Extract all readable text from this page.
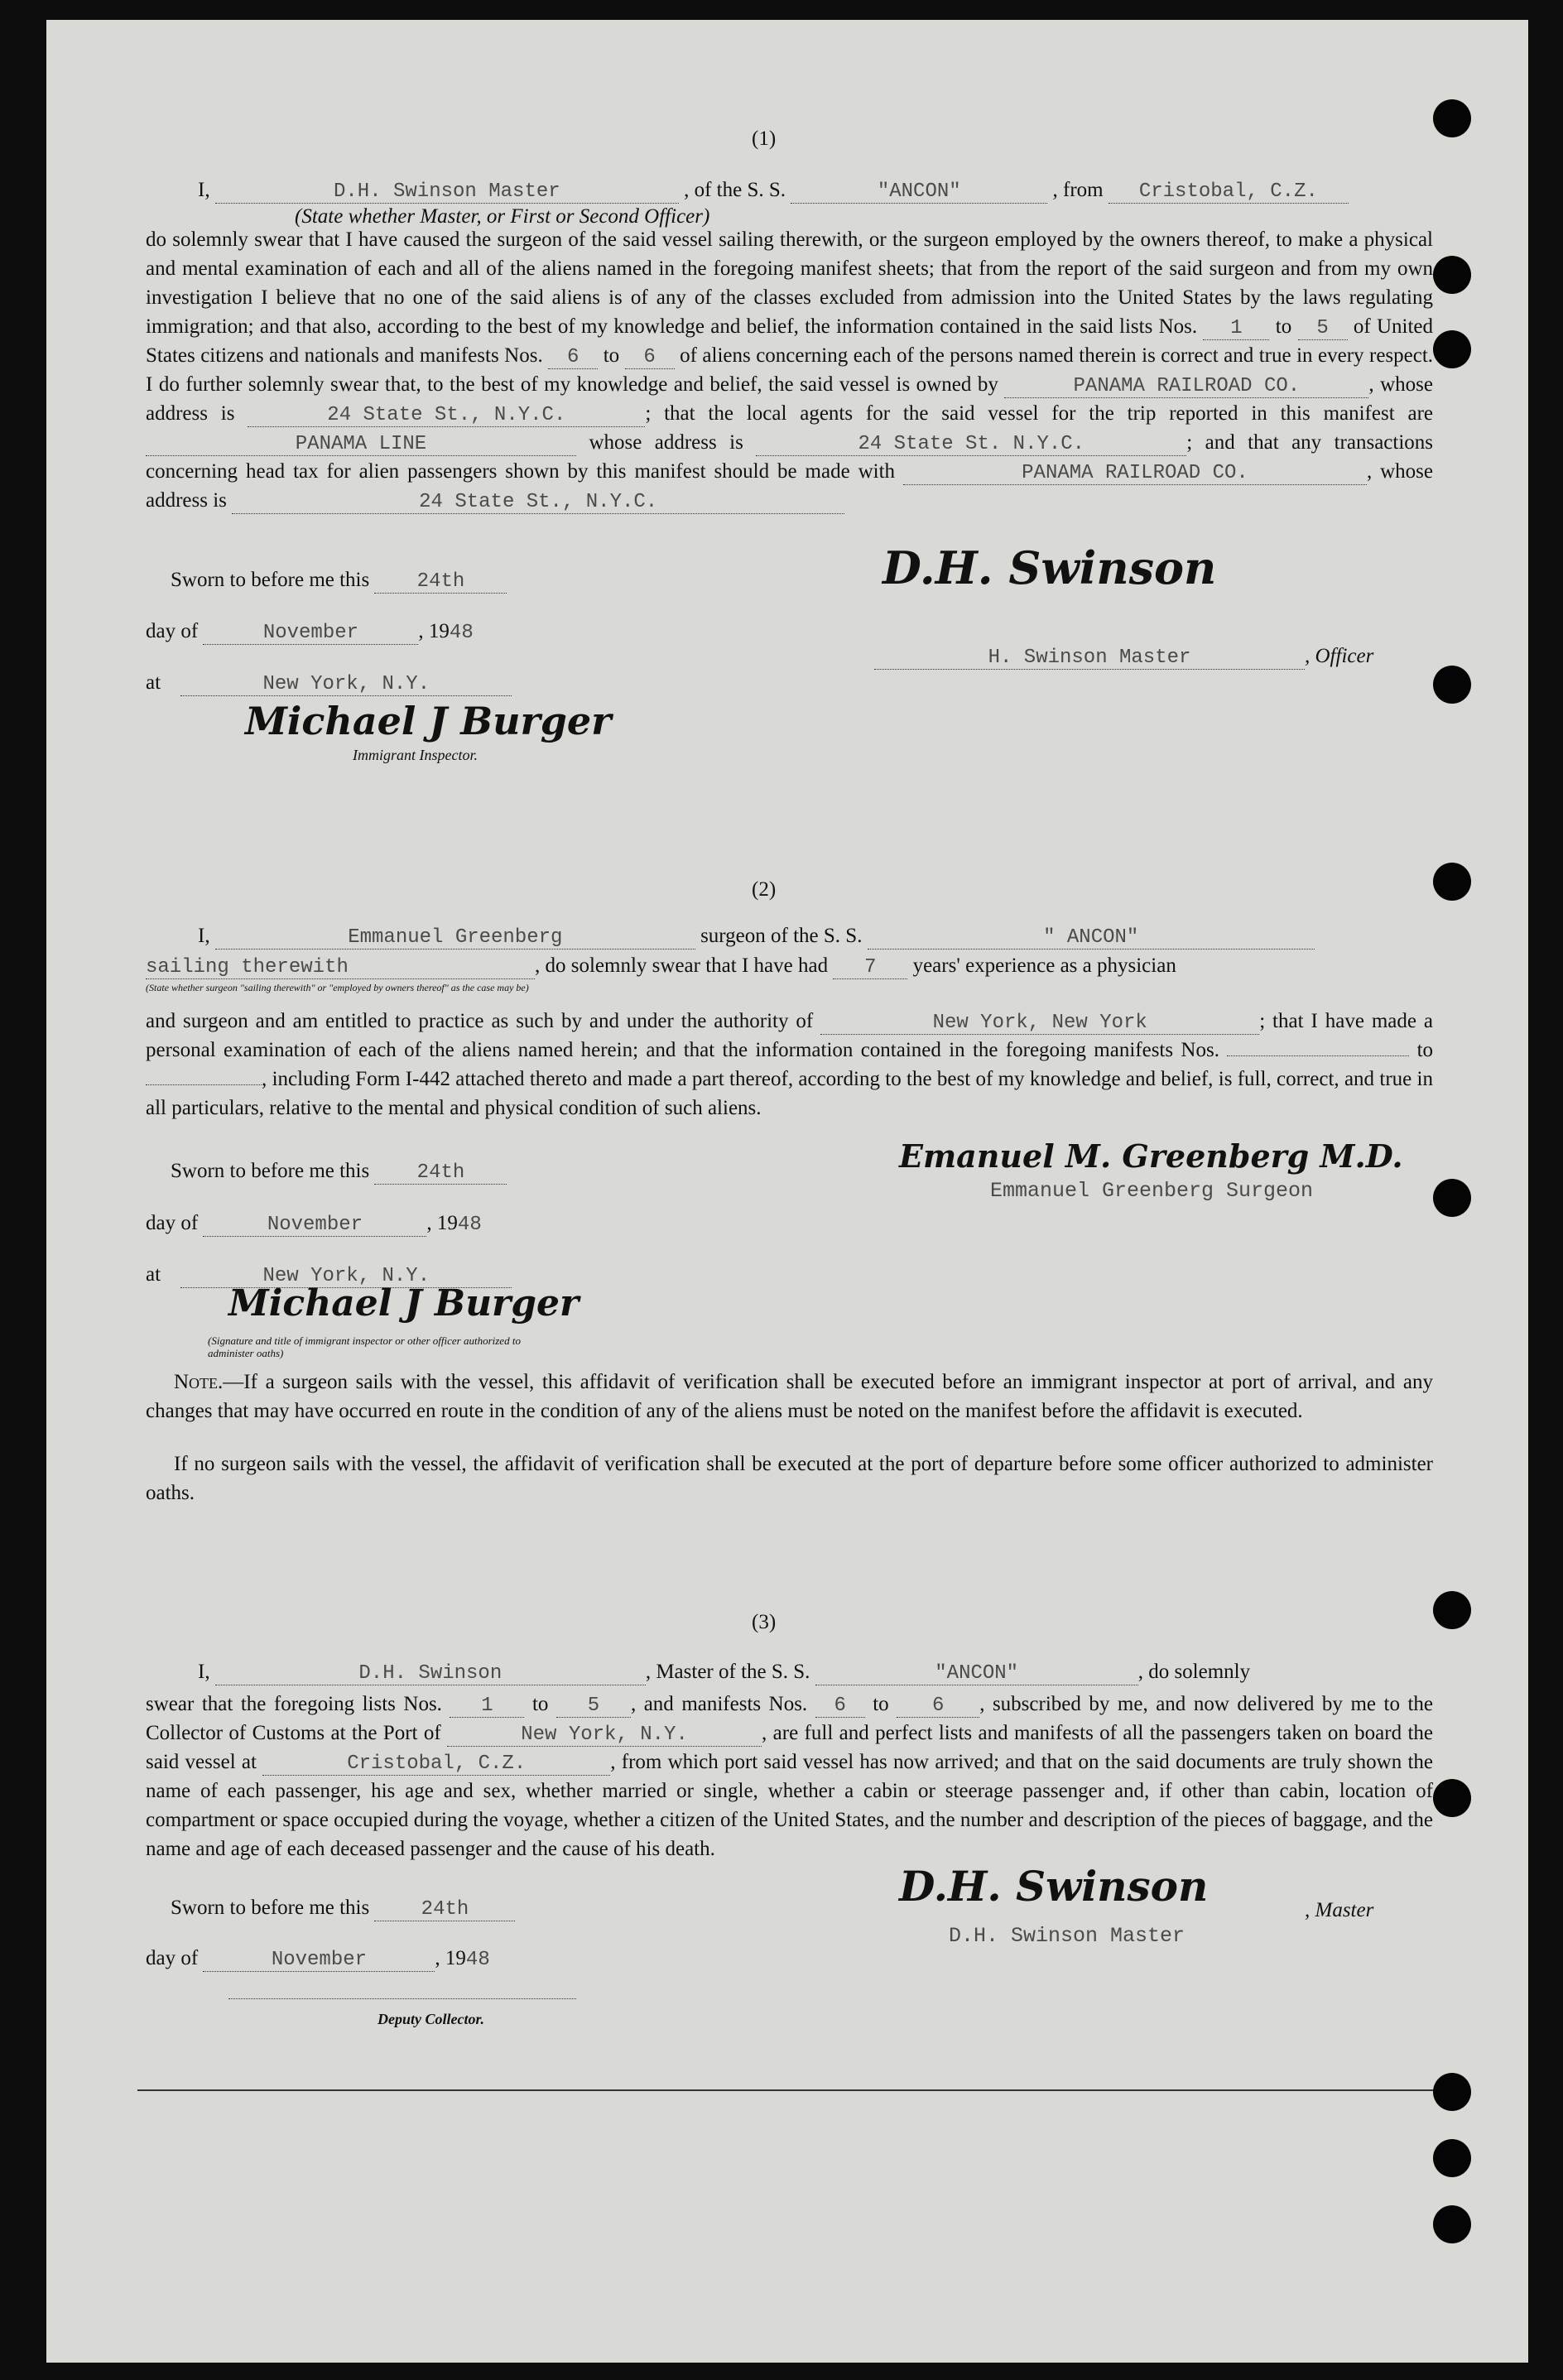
(1)
I,	D.H. Swinson Master	, of the S. S.	"ANCON"	, from Cristobal, C.Z.
(State whether Master, or First or Second Officer)
do solemnly swear that I have caused the surgeon of the said vessel sailing therewith, or the surgeon employed by the owners thereof, to make a physical and mental examination of each and all of the aliens named in the foregoing manifest sheets; that from the report of the said surgeon and from my own investigation I believe that no one of the said aliens is of any of the classes excluded from admission into the United States by the laws regulating immigration; and that also, according to the best of my knowledge and belief, the information contained in the said lists Nos. 1 to 5 of United States citizens and nationals and manifests Nos. 6 to 6 of aliens concerning each of the persons named therein is correct and true in every respect. I do further solemnly swear that, to the best of my knowledge and belief, the said vessel is owned by	PANAMA RAILROAD CO.	, whose address is	24 State St., N.Y.C.	; that the local agents for the said vessel for the trip reported in this manifest are PANAMA LINE	whose address is	24 State St. N.Y.C.	; and that any transactions concerning head tax for alien passengers shown by this manifest should be made with	PANAMA RAILROAD CO.	, whose address is	24 State St., N.Y.C.
Sworn to before me this 24th
day of	November	, 1948
at	New York, N.Y.
Michael J Burger
Immigrant Inspector.
D.H. Swinson
H. Swinson Master	, Officer
(2)
I,	Emmanuel Greenberg	surgeon of the S. S.	" ANCON"
sailing therewith	, do solemnly swear that I have had 7 years' experience as a physician
(State whether surgeon "sailing therewith" or "employed by owners thereof" as the case may be)
and surgeon and am entitled to practice as such by and under the authority of	New York, New York	; that I have made a personal examination of each of the aliens named herein; and that the information contained in the foregoing manifests Nos.	to , including Form I-442 attached thereto and made a part thereof, according to the best of my knowledge and belief, is full, correct, and true in all particulars, relative to the mental and physical condition of such aliens.
Sworn to before me this 24th
day of	November	, 1948
at	New York, N.Y.
Michael J Burger
(Signature and title of immigrant inspector or other officer authorized to administer oaths)
Emanuel M. Greenberg M.D.
Emmanuel Greenberg Surgeon
Note.—If a surgeon sails with the vessel, this affidavit of verification shall be executed before an immigrant inspector at port of arrival, and any changes that may have occurred en route in the condition of any of the aliens must be noted on the manifest before the affidavit is executed.
If no surgeon sails with the vessel, the affidavit of verification shall be executed at the port of departure before some officer authorized to administer oaths.
(3)
I,	D.H. Swinson	, Master of the S. S.	"ANCON"	, do solemnly
swear that the foregoing lists Nos. 1 to 5 , and manifests Nos. 6 to 6 , subscribed by me, and now delivered by me to the Collector of Customs at the Port of	New York, N.Y.	, are full and perfect lists and manifests of all the passengers taken on board the said vessel at	Cristobal, C.Z.	, from which port said vessel has now arrived; and that on the said documents are truly shown the name of each passenger, his age and sex, whether married or single, whether a cabin or steerage passenger and, if other than cabin, location of compartment or space occupied during the voyage, whether a citizen of the United States, and the number and description of the pieces of baggage, and the name and age of each deceased passenger and the cause of his death.
Sworn to before me this	24th
day of	November	, 1948
Deputy Collector.
D.H. Swinson	, Master
D.H. Swinson Master
